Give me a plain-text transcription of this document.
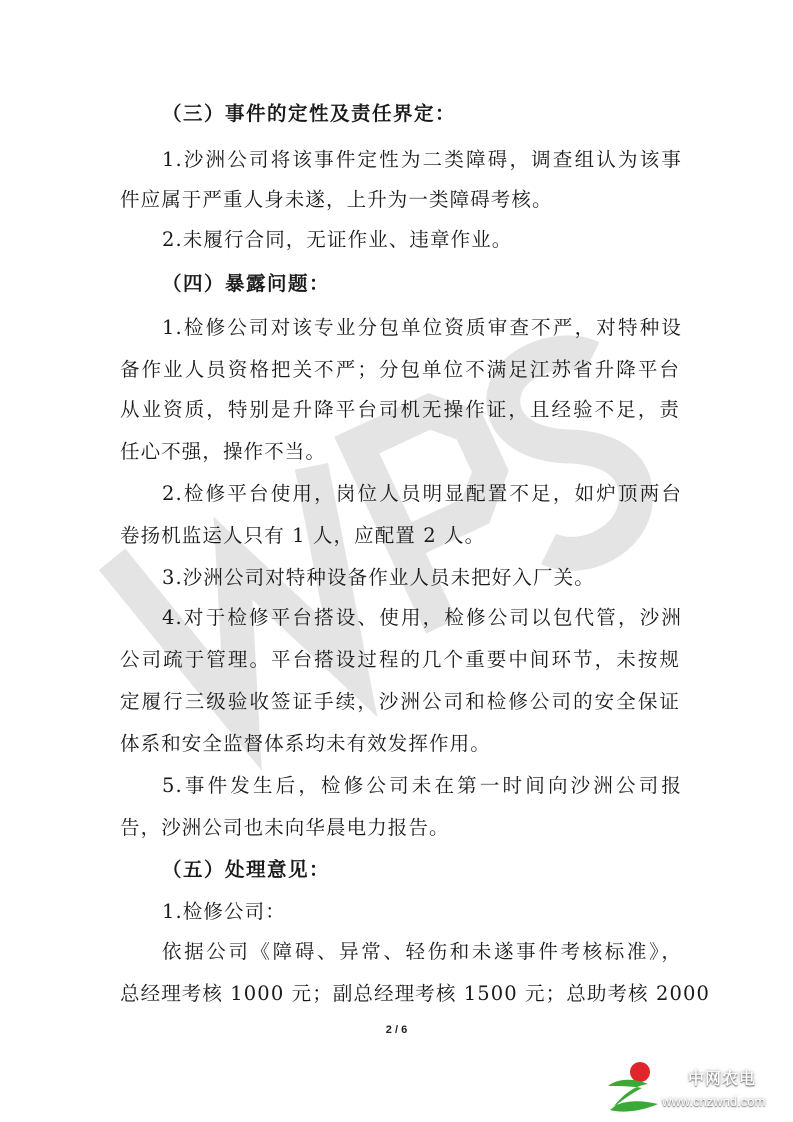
（三）事件的定性及责任界定：
1.沙洲公司将该事件定性为二类障碍，调查组认为该事
件应属于严重人身未遂，上升为一类障碍考核。
2.未履行合同，无证作业、违章作业。
（四）暴露问题：
1.检修公司对该专业分包单位资质审查不严，对特种设
备作业人员资格把关不严；分包单位不满足江苏省升降平台
从业资质，特别是升降平台司机无操作证，且经验不足，责
任心不强，操作不当。
2.检修平台使用，岗位人员明显配置不足，如炉顶两台
卷扬机监运人只有 1 人，应配置 2 人。
3.沙洲公司对特种设备作业人员未把好入厂关。
4.对于检修平台搭设、使用，检修公司以包代管，沙洲
公司疏于管理。平台搭设过程的几个重要中间环节，未按规
定履行三级验收签证手续，沙洲公司和检修公司的安全保证
体系和安全监督体系均未有效发挥作用。
5.事件发生后，检修公司未在第一时间向沙洲公司报
告，沙洲公司也未向华晨电力报告。
（五）处理意见：
1.检修公司：
依据公司《障碍、异常、轻伤和未遂事件考核标准》，
总经理考核 1000 元；副总经理考核 1500 元；总助考核 2000
2 / 6
中网农电
www.cnzwnd.com
